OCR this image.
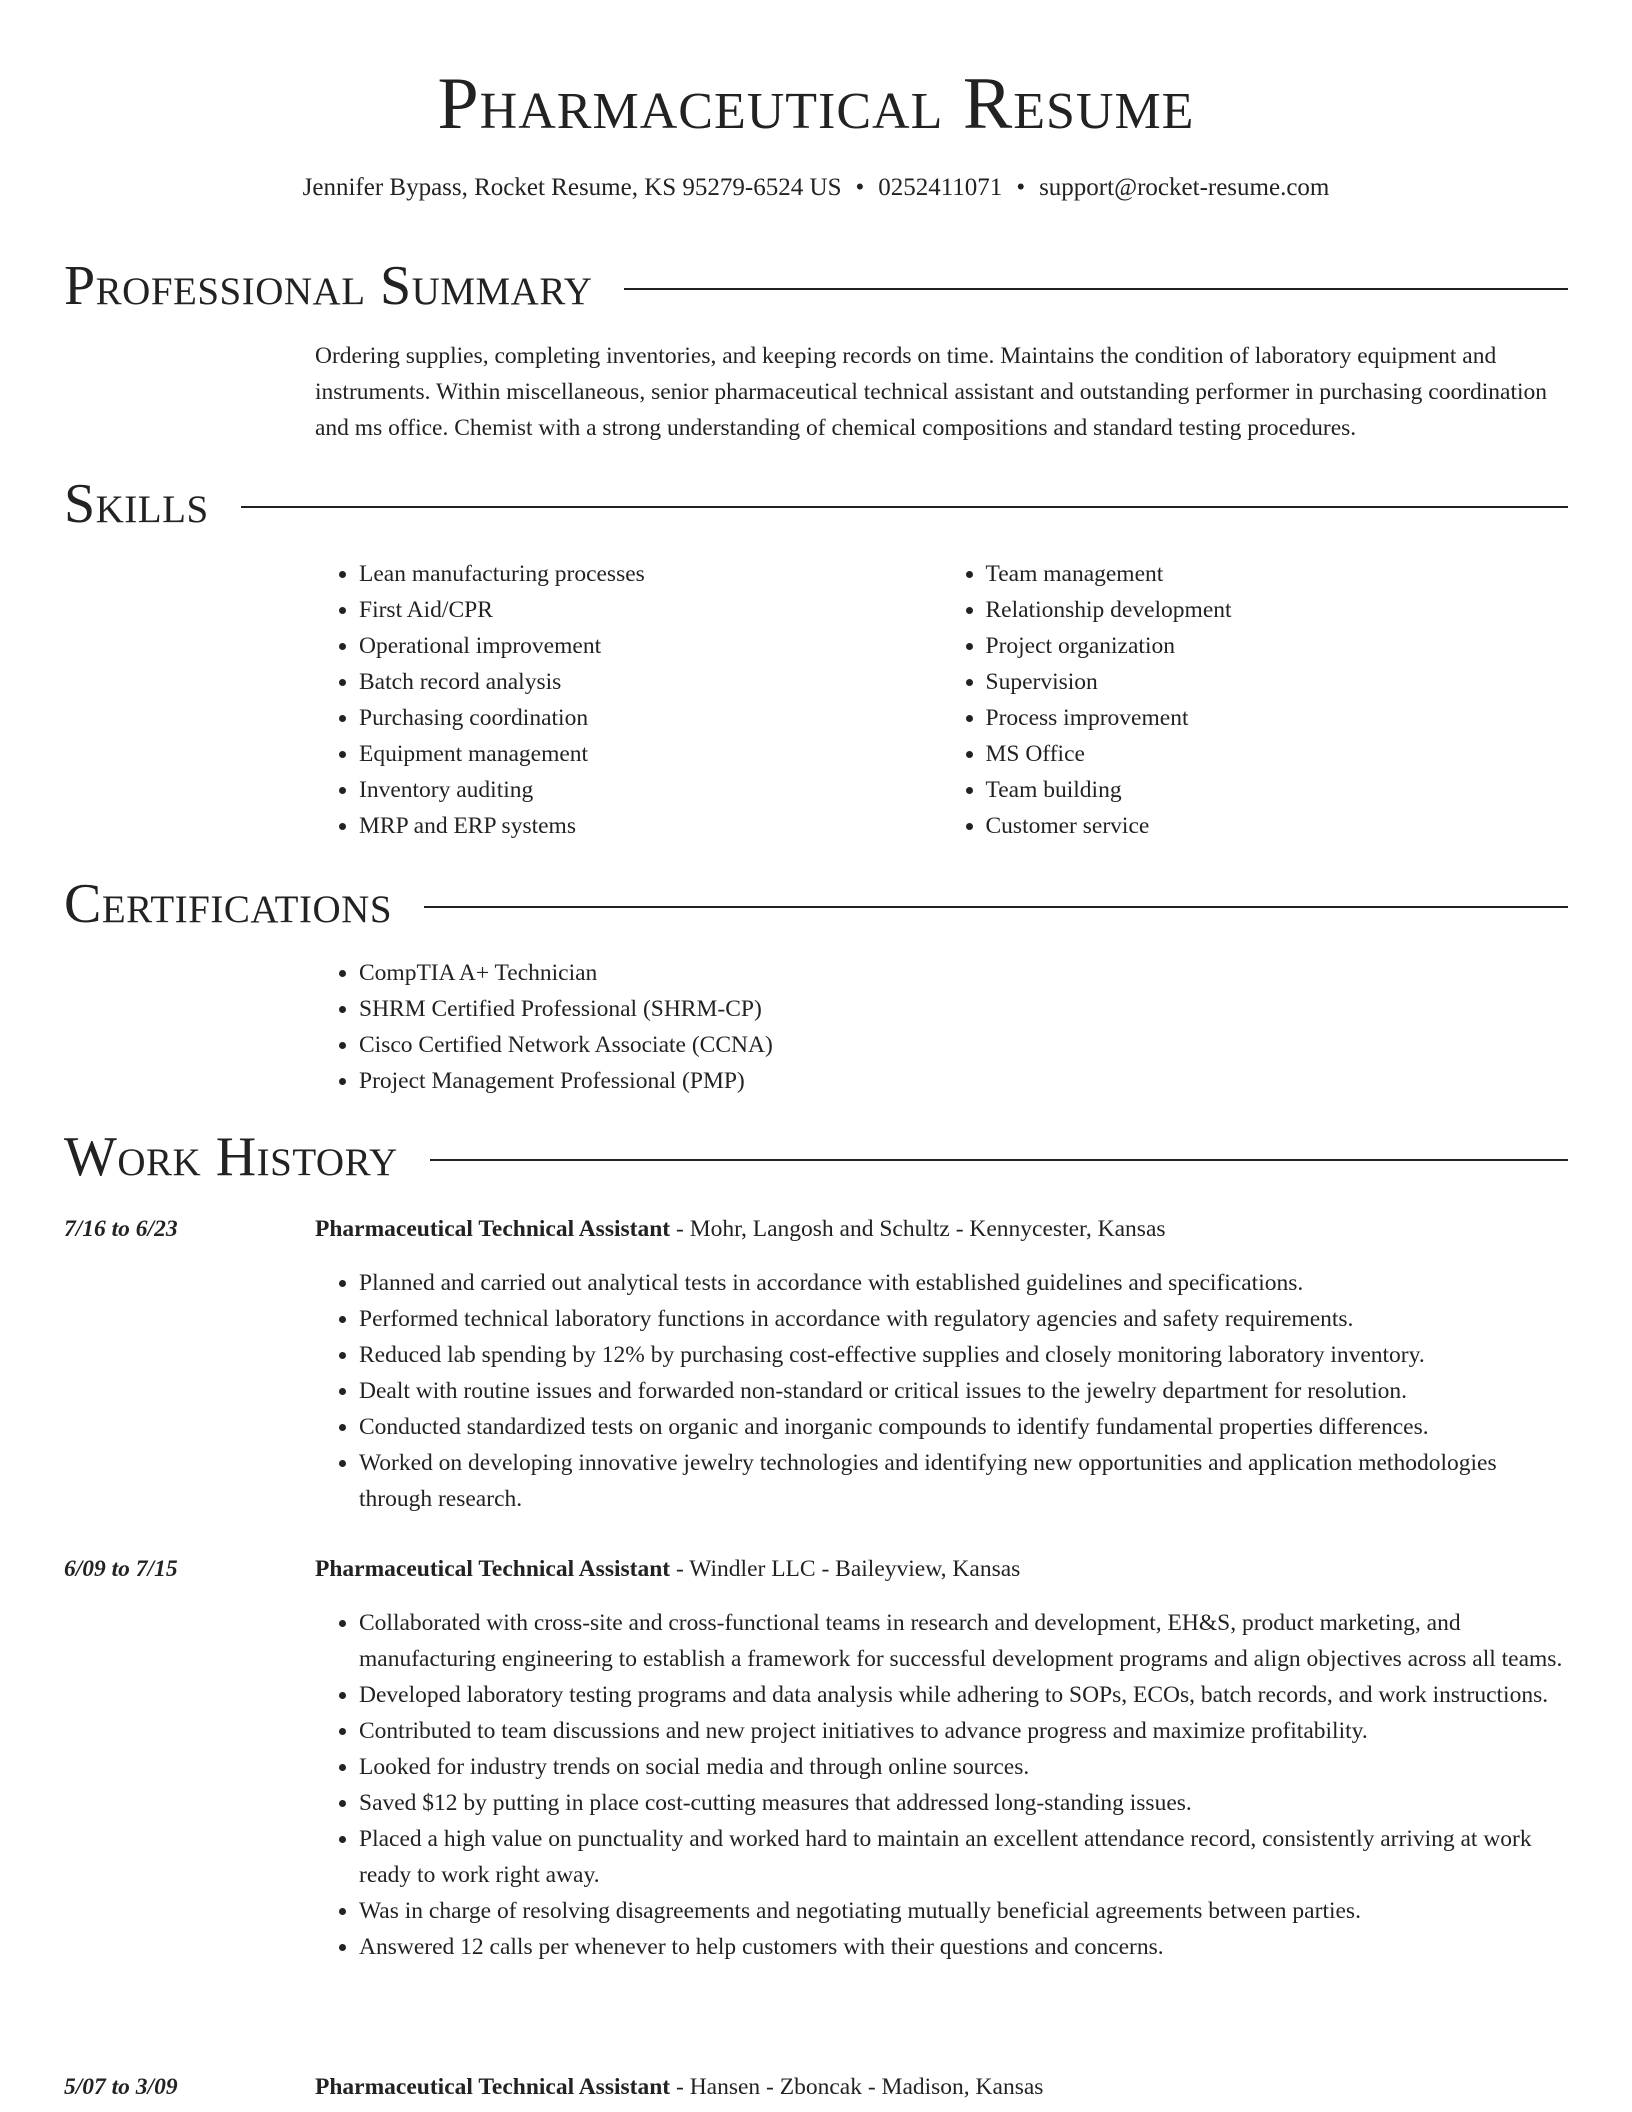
Pharmaceutical Resume
Jennifer Bypass, Rocket Resume, KS 95279-6524 US • 0252411071 • support@rocket-resume.com
Professional Summary

Ordering supplies, completing inventories, and keeping records on time. Maintains the condition of laboratory equipment and instruments. Within miscellaneous, senior pharmaceutical technical assistant and outstanding performer in purchasing coordination and ms office. Chemist with a strong understanding of chemical compositions and standard testing procedures.

Skills
• Lean manufacturing processes
• First Aid/CPR
• Operational improvement
• Batch record analysis
• Purchasing coordination
• Equipment management
• Inventory auditing
• MRP and ERP systems
• Team management
• Relationship development
• Project organization
• Supervision
• Process improvement
• MS Office
• Team building
• Customer service
Certifications
• CompTIA A+ Technician
• SHRM Certified Professional (SHRM-CP)
• Cisco Certified Network Associate (CCNA)
• Project Management Professional (PMP)
Work History
7/16 to 6/23	Pharmaceutical Technical Assistant - Mohr, Langosh and Schultz - Kennycester, Kansas
• Planned and carried out analytical tests in accordance with established guidelines and specifications.
• Performed technical laboratory functions in accordance with regulatory agencies and safety requirements.
• Reduced lab spending by 12% by purchasing cost-effective supplies and closely monitoring laboratory inventory.
• Dealt with routine issues and forwarded non-standard or critical issues to the jewelry department for resolution.
• Conducted standardized tests on organic and inorganic compounds to identify fundamental properties differences.
• Worked on developing innovative jewelry technologies and identifying new opportunities and application methodologies through research.
6/09 to 7/15	Pharmaceutical Technical Assistant - Windler LLC - Baileyview, Kansas
• Collaborated with cross-site and cross-functional teams in research and development, EH&S, product marketing, and manufacturing engineering to establish a framework for successful development programs and align objectives across all teams.
• Developed laboratory testing programs and data analysis while adhering to SOPs, ECOs, batch records, and work instructions.
• Contributed to team discussions and new project initiatives to advance progress and maximize profitability.
• Looked for industry trends on social media and through online sources.
• Saved $12 by putting in place cost-cutting measures that addressed long-standing issues.
• Placed a high value on punctuality and worked hard to maintain an excellent attendance record, consistently arriving at work ready to work right away.
• Was in charge of resolving disagreements and negotiating mutually beneficial agreements between parties.
• Answered 12 calls per whenever to help customers with their questions and concerns.
5/07 to 3/09	Pharmaceutical Technical Assistant - Hansen - Zboncak - Madison, Kansas
